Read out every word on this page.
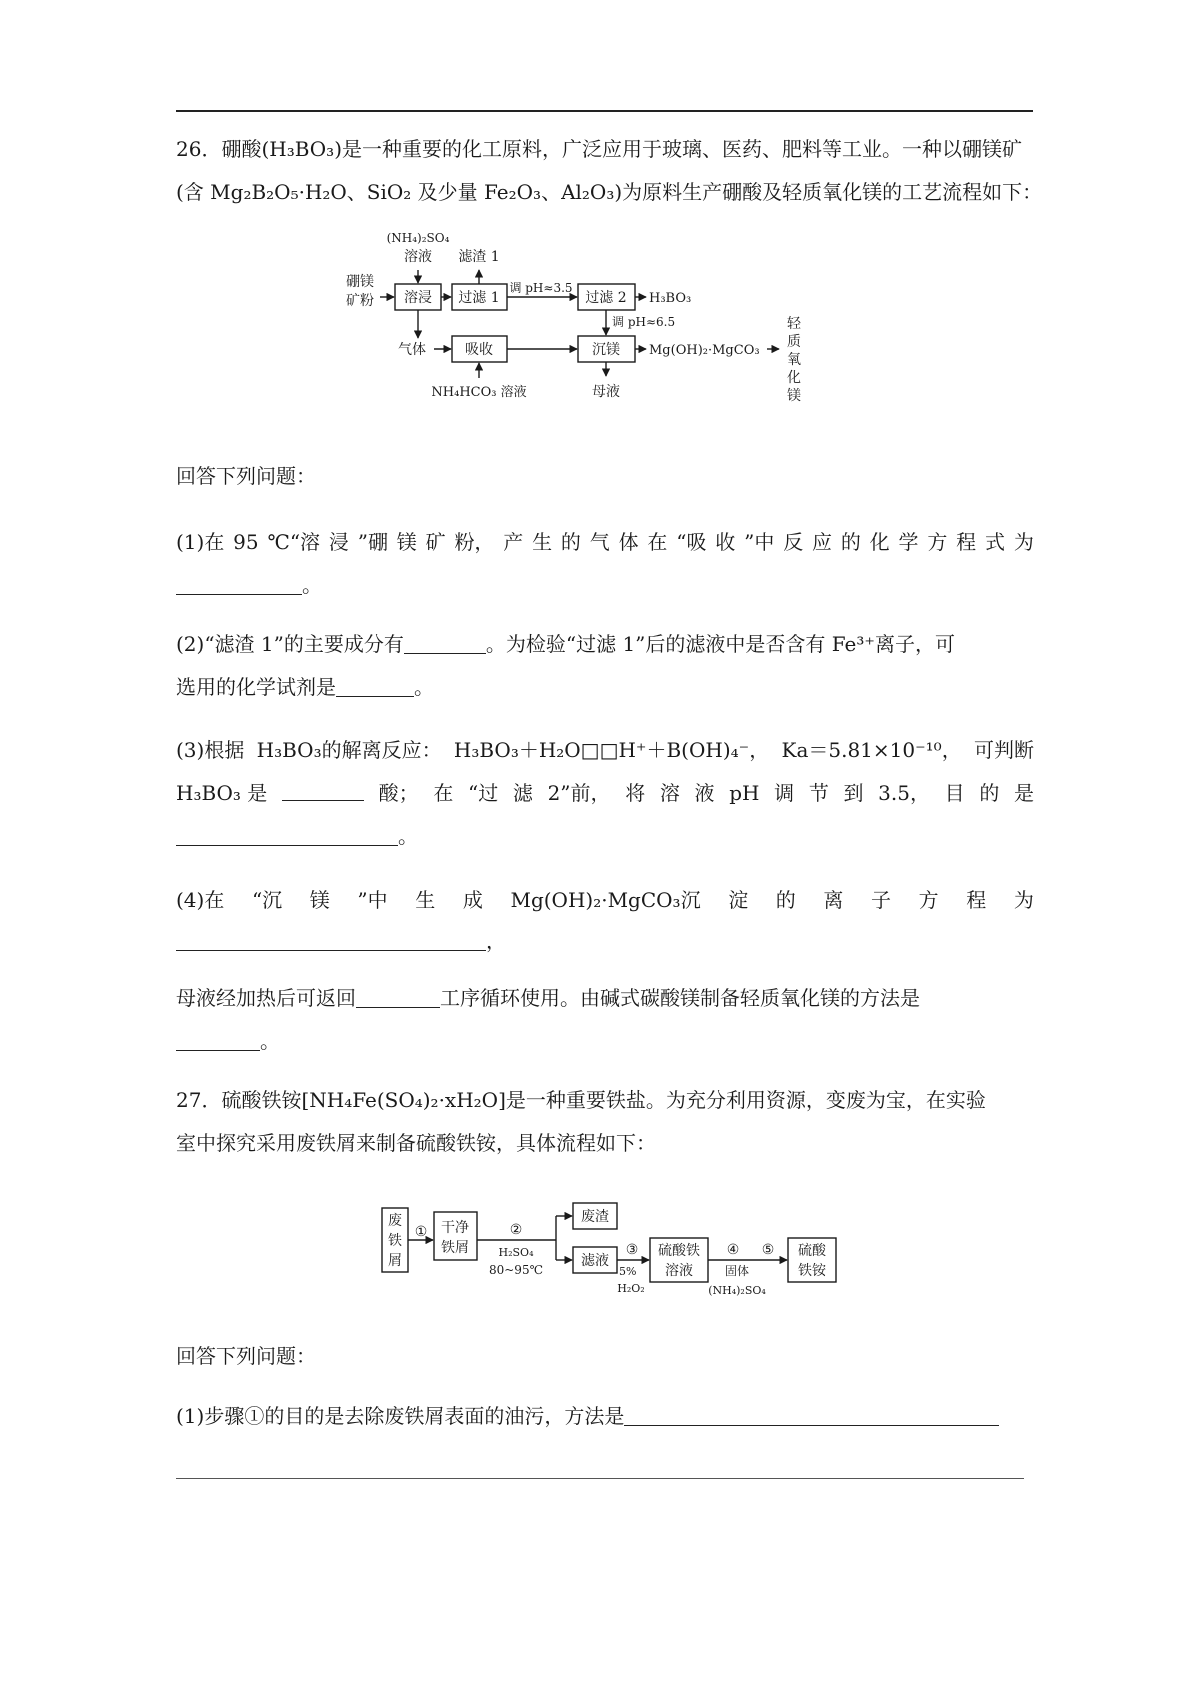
26．硼酸(H₃BO₃)是一种重要的化工原料，广泛应用于玻璃、医药、肥料等工业。一种以硼镁矿
(含 Mg₂B₂O₅·H₂O、SiO₂ 及少量 Fe₂O₃、Al₂O₃)为原料生产硼酸及轻质氧化镁的工艺流程如下：
(NH₄)₂SO₄
溶液 滤渣 1
硼镁
矿粉 溶浸 过滤 1
调 pH≈3.5
过滤 2 H₃BO₃
调 pH≈6.5
气体	吸收	沉镁 Mg(OH)₂·MgCO₃
轻
质
氧
化
镁
NH₄HCO₃ 溶液	母液
回答下列问题：
(1)在 95 ℃“溶 浸 ”硼 镁 矿 粉， 产 生 的 气 体 在 “吸 收 ”中 反 应 的 化 学 方 程 式 为
。
(2)“滤渣 1”的主要成分有	。为检验“过滤 1”后的滤液中是否含有 Fe³⁺离子，可
选用的化学试剂是	。
(3)根据 H₃BO₃的解离反应： H₃BO₃＋H₂O□□H⁺＋B(OH)₄⁻， Ka＝5.81×10⁻¹⁰， 可判断
H₃BO₃ 是	酸； 在 “过 滤 2”前， 将 溶 液 pH 调 节 到 3.5， 目 的 是
。
(4)在 “沉 镁 ”中 生 成 Mg(OH)₂·MgCO₃沉 淀 的 离 子 方 程 为
，
母液经加热后可返回	工序循环使用。由碱式碳酸镁制备轻质氧化镁的方法是
。
27．硫酸铁铵[NH₄Fe(SO₄)₂·xH₂O]是一种重要铁盐。为充分利用资源，变废为宝，在实验
室中探究采用废铁屑来制备硫酸铁铵，具体流程如下：
废
铁
屑
① 干净
铁屑
②
H₂SO₄
80~95℃
废渣
滤液
③
5%
H₂O₂
硫酸铁
溶液
④
固体
(NH₄)₂SO₄
⑤ 硫酸
铁铵
回答下列问题：
(1)步骤①的目的是去除废铁屑表面的油污，方法是
